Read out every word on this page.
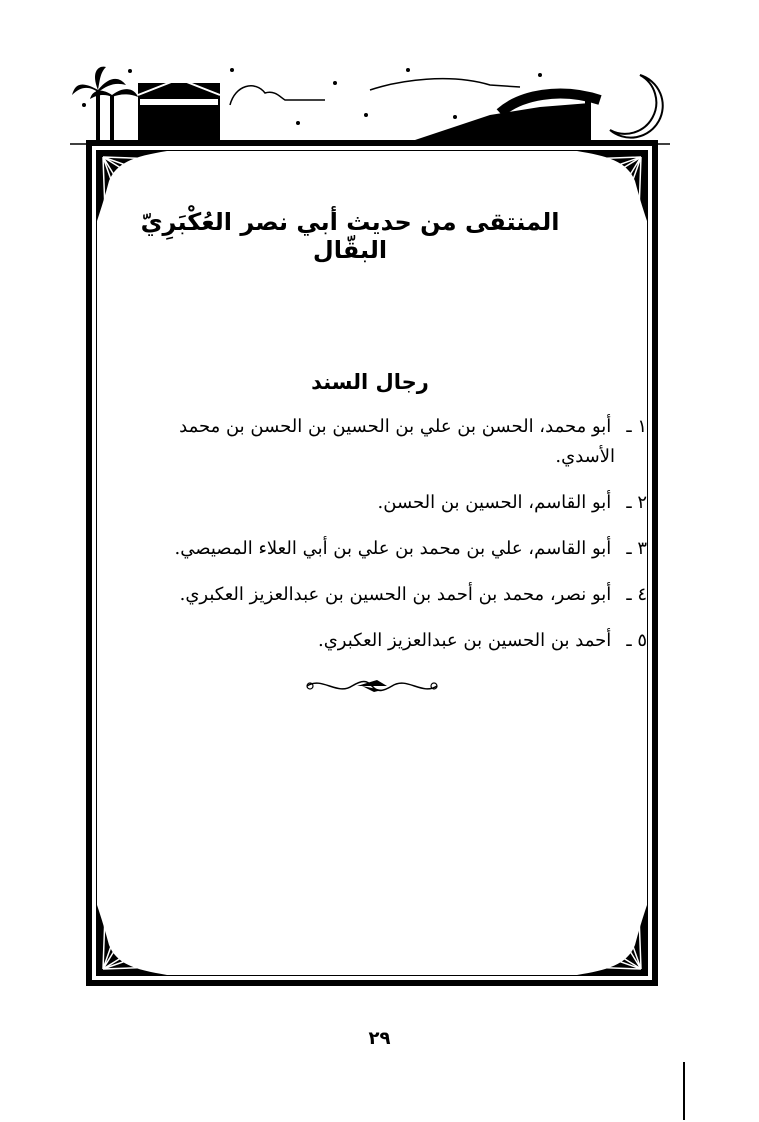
المنتقى من حديث أبي نصر العُكْبَرِيّ البقّال
رجال السند
١ ـ أبو محمد، الحسن بن علي بن الحسين بن الحسن بن محمد
الأسدي.
٢ ـ أبو القاسم، الحسين بن الحسن.
٣ ـ أبو القاسم، علي بن محمد بن علي بن أبي العلاء المصيصي.
٤ ـ أبو نصر، محمد بن أحمد بن الحسين بن عبدالعزيز العكبري.
٥ ـ أحمد بن الحسين بن عبدالعزيز العكبري.
٢٩
